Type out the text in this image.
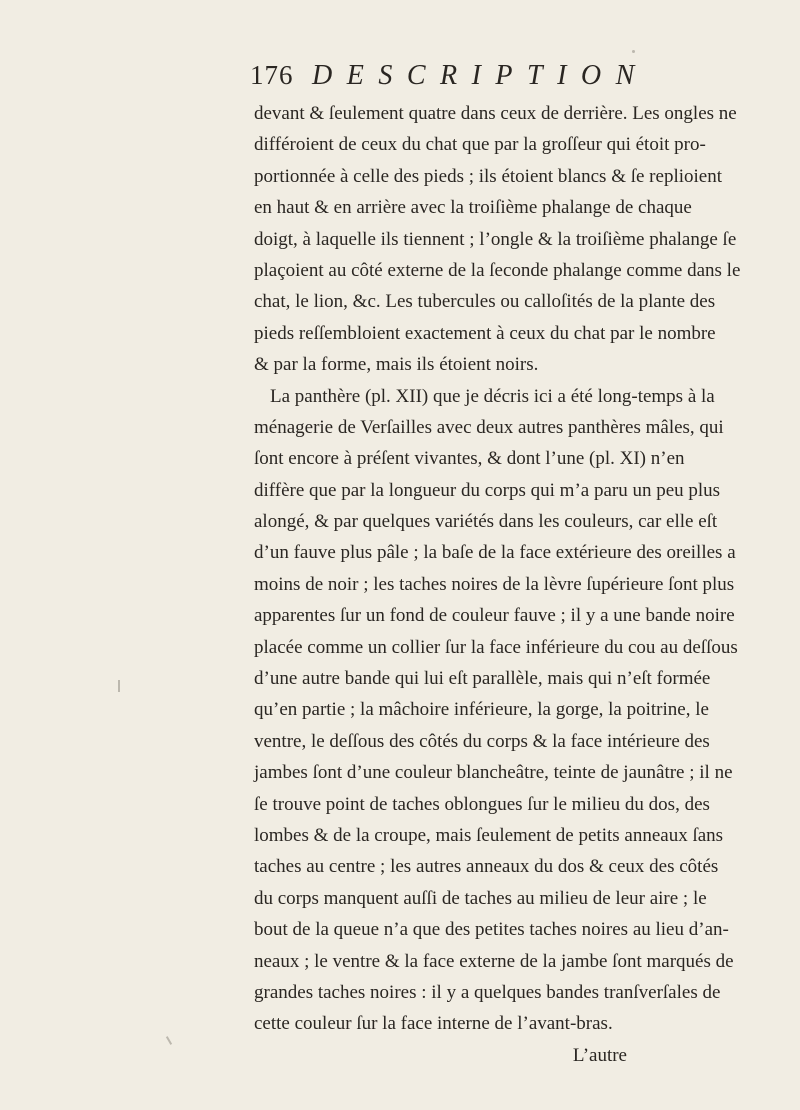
176 DESCRIPTION
devant & ſeulement quatre dans ceux de derrière. Les ongles ne
différoient de ceux du chat que par la groſſeur qui étoit pro-
portionnée à celle des pieds ; ils étoient blancs & ſe replioient
en haut & en arrière avec la troiſième phalange de chaque
doigt, à laquelle ils tiennent ; l’ongle & la troiſième phalange ſe
plaçoient au côté externe de la ſeconde phalange comme dans le
chat, le lion, &c. Les tubercules ou calloſités de la plante des
pieds reſſembloient exactement à ceux du chat par le nombre
& par la forme, mais ils étoient noirs.
La panthère (pl. XII) que je décris ici a été long-temps à la
ménagerie de Verſailles avec deux autres panthères mâles, qui
ſont encore à préſent vivantes, & dont l’une (pl. XI) n’en
diffère que par la longueur du corps qui m’a paru un peu plus
alongé, & par quelques variétés dans les couleurs, car elle eſt
d’un fauve plus pâle ; la baſe de la face extérieure des oreilles a
moins de noir ; les taches noires de la lèvre ſupérieure ſont plus
apparentes ſur un fond de couleur fauve ; il y a une bande noire
placée comme un collier ſur la face inférieure du cou au deſſous
d’une autre bande qui lui eſt parallèle, mais qui n’eſt formée
qu’en partie ; la mâchoire inférieure, la gorge, la poitrine, le
ventre, le deſſous des côtés du corps & la face intérieure des
jambes ſont d’une couleur blancheâtre, teinte de jaunâtre ; il ne
ſe trouve point de taches oblongues ſur le milieu du dos, des
lombes & de la croupe, mais ſeulement de petits anneaux ſans
taches au centre ; les autres anneaux du dos & ceux des côtés
du corps manquent auſſi de taches au milieu de leur aire ; le
bout de la queue n’a que des petites taches noires au lieu d’an-
neaux ; le ventre & la face externe de la jambe ſont marqués de
grandes taches noires : il y a quelques bandes tranſverſales de
cette couleur ſur la face interne de l’avant-bras.
L’autre
